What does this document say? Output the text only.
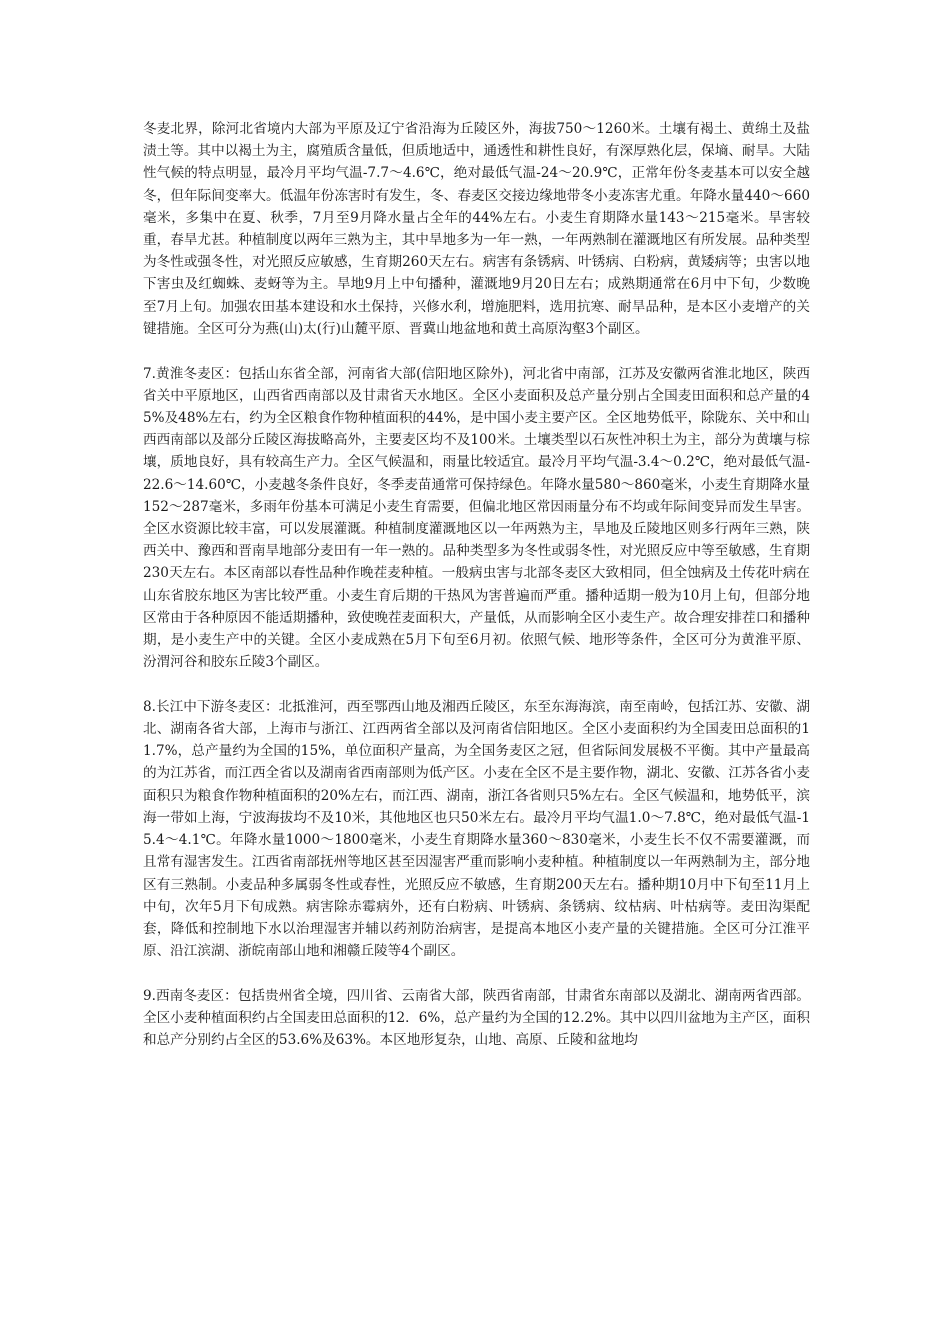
冬麦北界，除河北省境内大部为平原及辽宁省沿海为丘陵区外，海拔750～1260米。土壤有褐土、黄绵土及盐渍土等。其中以褐土为主，腐殖质含量低，但质地适中，通透性和耕性良好，有深厚熟化层，保墒、耐旱。大陆性气候的特点明显，最冷月平均气温-7.7～4.6℃，绝对最低气温-24～20.9℃，正常年份冬麦基本可以安全越冬，但年际间变率大。低温年份冻害时有发生，冬、春麦区交接边缘地带冬小麦冻害尤重。年降水量440～660毫米，多集中在夏、秋季，7月至9月降水量占全年的44%左右。小麦生育期降水量143～215毫米。旱害较重，春旱尤甚。种植制度以两年三熟为主，其中旱地多为一年一熟，一年两熟制在灌溉地区有所发展。品种类型为冬性或强冬性，对光照反应敏感，生育期260天左右。病害有条锈病、叶锈病、白粉病，黄矮病等；虫害以地下害虫及红蜘蛛、麦蚜等为主。旱地9月上中旬播种，灌溉地9月20日左右；成熟期通常在6月中下旬，少数晚至7月上旬。加强农田基本建设和水土保持，兴修水利，增施肥料，选用抗寒、耐旱品种，是本区小麦增产的关键措施。全区可分为燕(山)太(行)山麓平原、晋冀山地盆地和黄土高原沟壑3个副区。

7.黄淮冬麦区：包括山东省全部，河南省大部(信阳地区除外)，河北省中南部，江苏及安徽两省淮北地区，陕西省关中平原地区，山西省西南部以及甘肃省天水地区。全区小麦面积及总产量分别占全国麦田面积和总产量的45%及48%左右，约为全区粮食作物种植面积的44%，是中国小麦主要产区。全区地势低平，除陇东、关中和山西西南部以及部分丘陵区海拔略高外，主要麦区均不及100米。土壤类型以石灰性冲积土为主，部分为黄壤与棕壤，质地良好，具有较高生产力。全区气候温和，雨量比较适宜。最冷月平均气温-3.4～0.2℃，绝对最低气温-22.6～14.60℃，小麦越冬条件良好，冬季麦苗通常可保持绿色。年降水量580～860毫米，小麦生育期降水量152～287毫米，多雨年份基本可满足小麦生育需要，但偏北地区常因雨量分布不均或年际间变异而发生旱害。全区水资源比较丰富，可以发展灌溉。种植制度灌溉地区以一年两熟为主，旱地及丘陵地区则多行两年三熟，陕西关中、豫西和晋南旱地部分麦田有一年一熟的。品种类型多为冬性或弱冬性，对光照反应中等至敏感，生育期230天左右。本区南部以春性品种作晚茬麦种植。一般病虫害与北部冬麦区大致相同，但全蚀病及土传花叶病在山东省胶东地区为害比较严重。小麦生育后期的干热风为害普遍而严重。播种适期一般为10月上旬，但部分地区常由于各种原因不能适期播种，致使晚茬麦面积大，产量低，从而影响全区小麦生产。故合理安排茬口和播种期，是小麦生产中的关键。全区小麦成熟在5月下旬至6月初。依照气候、地形等条件，全区可分为黄淮平原、汾渭河谷和胶东丘陵3个副区。

8.长江中下游冬麦区：北抵淮河，西至鄂西山地及湘西丘陵区，东至东海海滨，南至南岭，包括江苏、安徽、湖北、湖南各省大部，上海市与浙江、江西两省全部以及河南省信阳地区。全区小麦面积约为全国麦田总面积的11.7%，总产量约为全国的15%，单位面积产量高，为全国务麦区之冠，但省际间发展极不平衡。其中产量最高的为江苏省，而江西全省以及湖南省西南部则为低产区。小麦在全区不是主要作物，湖北、安徽、江苏各省小麦面积只为粮食作物种植面积的20%左右，而江西、湖南，浙江各省则只5%左右。全区气候温和，地势低平，滨海一带如上海，宁波海拔均不及10米，其他地区也只50米左右。最冷月平均气温1.0～7.8℃，绝对最低气温-15.4～4.1℃。年降水量1000～1800毫米，小麦生育期降水量360～830毫米，小麦生长不仅不需要灌溉，而且常有湿害发生。江西省南部抚州等地区甚至因湿害严重而影响小麦种植。种植制度以一年两熟制为主，部分地区有三熟制。小麦品种多属弱冬性或春性，光照反应不敏感，生育期200天左右。播种期10月中下旬至11月上中旬，次年5月下旬成熟。病害除赤霉病外，还有白粉病、叶锈病、条锈病、纹枯病、叶枯病等。麦田沟渠配套，降低和控制地下水以治理湿害并辅以药剂防治病害，是提高本地区小麦产量的关键措施。全区可分江淮平原、沿江滨湖、浙皖南部山地和湘赣丘陵等4个副区。

9.西南冬麦区：包括贵州省全境，四川省、云南省大部，陕西省南部，甘肃省东南部以及湖北、湖南两省西部。全区小麦种植面积约占全国麦田总面积的12．6%，总产量约为全国的12.2%。其中以四川盆地为主产区，面积和总产分别约占全区的53.6%及63%。本区地形复杂，山地、高原、丘陵和盆地均
